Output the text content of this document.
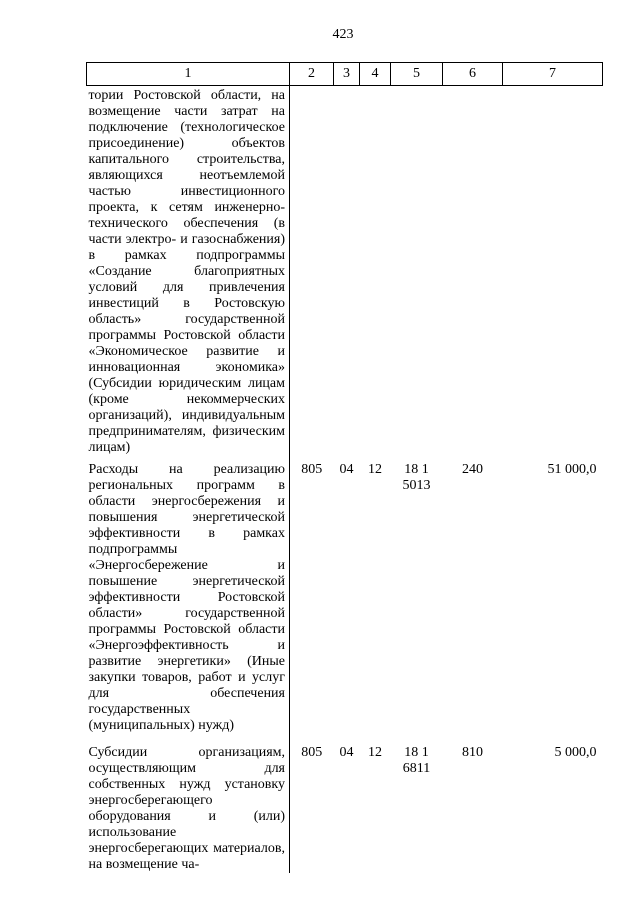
423
1	2	3	4	5	6	7
тории Ростовской области, на возмещение части затрат на подключение (технологическое присоединение) объектов капитального строительства, являющихся неотъемлемой частью инвестиционного проекта, к сетям инженерно-технического обеспечения (в части электро- и газоснабжения) в рамках подпрограммы «Создание благоприятных условий для привлечения инвестиций в Ростовскую область» государственной программы Ростовской области «Экономическое развитие и инновационная экономика» (Субсидии юридическим лицам (кроме некоммерческих организаций), индивидуальным предпринимателям, физическим лицам)						
Расходы на реализацию региональных программ в области энергосбережения и повышения энергетической эффективности в рамках подпрограммы «Энергосбережение и повышение энергетической эффективности Ростовской области» государственной программы Ростовской области «Энергоэффективность и развитие энергетики» (Иные закупки товаров, работ и услуг для обеспечения государственных (муниципальных) нужд)	805	04	12	18 1 5013	240	51 000,0
Субсидии организациям, осуществляющим для собственных нужд установку энергосберегающего оборудования и (или) использование энергосберегающих материалов, на возмещение ча-	805	04	12	18 1 6811	810	5 000,0
